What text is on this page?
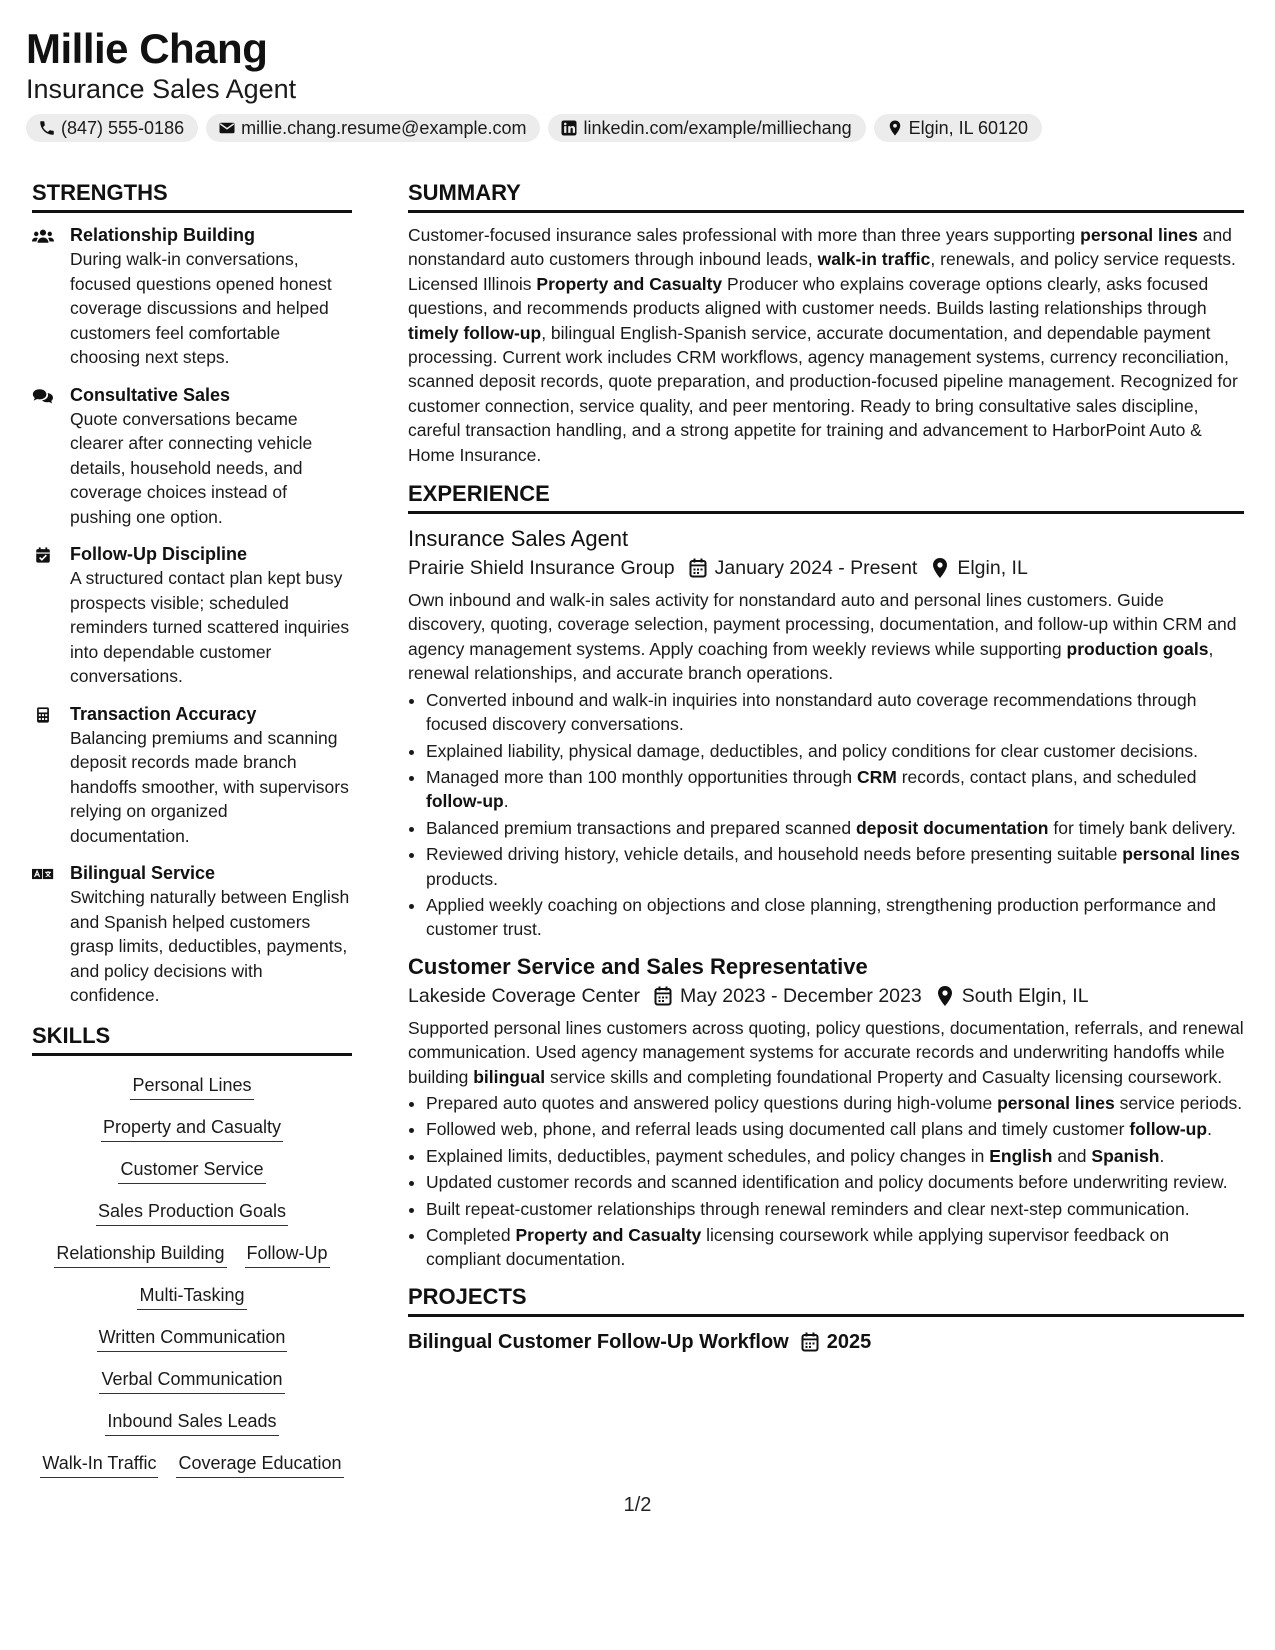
Millie Chang
Insurance Sales Agent
(847) 555-0186	millie.chang.resume@example.com	linkedin.com/example/milliechang	Elgin, IL 60120
STRENGTHS
Relationship Building
During walk-in conversations, focused questions opened honest coverage discussions and helped customers feel comfortable choosing next steps.
Consultative Sales
Quote conversations became clearer after connecting vehicle details, household needs, and coverage choices instead of pushing one option.
Follow-Up Discipline
A structured contact plan kept busy prospects visible; scheduled reminders turned scattered inquiries into dependable customer conversations.
Transaction Accuracy
Balancing premiums and scanning deposit records made branch handoffs smoother, with supervisors relying on organized documentation.
Bilingual Service
Switching naturally between English and Spanish helped customers grasp limits, deductibles, payments, and policy decisions with confidence.
SKILLS
Personal Lines
Property and Casualty
Customer Service
Sales Production Goals
Relationship Building Follow-Up
Multi-Tasking
Written Communication
Verbal Communication
Inbound Sales Leads
Walk-In Traffic Coverage Education
SUMMARY
Customer-focused insurance sales professional with more than three years supporting personal lines and nonstandard auto customers through inbound leads, walk-in traffic, renewals, and policy service requests. Licensed Illinois Property and Casualty Producer who explains coverage options clearly, asks focused questions, and recommends products aligned with customer needs. Builds lasting relationships through timely follow-up, bilingual English-Spanish service, accurate documentation, and dependable payment processing. Current work includes CRM workflows, agency management systems, currency reconciliation, scanned deposit records, quote preparation, and production-focused pipeline management. Recognized for customer connection, service quality, and peer mentoring. Ready to bring consultative sales discipline, careful transaction handling, and a strong appetite for training and advancement to HarborPoint Auto & Home Insurance.
EXPERIENCE
Insurance Sales Agent
Prairie Shield Insurance Group January 2024 - Present Elgin, IL
Own inbound and walk-in sales activity for nonstandard auto and personal lines customers. Guide discovery, quoting, coverage selection, payment processing, documentation, and follow-up within CRM and agency management systems. Apply coaching from weekly reviews while supporting production goals, renewal relationships, and accurate branch operations.
• Converted inbound and walk-in inquiries into nonstandard auto coverage recommendations through focused discovery conversations.
• Explained liability, physical damage, deductibles, and policy conditions for clear customer decisions.
• Managed more than 100 monthly opportunities through CRM records, contact plans, and scheduled follow-up.
• Balanced premium transactions and prepared scanned deposit documentation for timely bank delivery.
• Reviewed driving history, vehicle details, and household needs before presenting suitable personal lines products.
• Applied weekly coaching on objections and close planning, strengthening production performance and customer trust.
Customer Service and Sales Representative
Lakeside Coverage Center May 2023 - December 2023 South Elgin, IL
Supported personal lines customers across quoting, policy questions, documentation, referrals, and renewal communication. Used agency management systems for accurate records and underwriting handoffs while building bilingual service skills and completing foundational Property and Casualty licensing coursework.
• Prepared auto quotes and answered policy questions during high-volume personal lines service periods.
• Followed web, phone, and referral leads using documented call plans and timely customer follow-up.
• Explained limits, deductibles, payment schedules, and policy changes in English and Spanish.
• Updated customer records and scanned identification and policy documents before underwriting review.
• Built repeat-customer relationships through renewal reminders and clear next-step communication.
• Completed Property and Casualty licensing coursework while applying supervisor feedback on compliant documentation.
PROJECTS
Bilingual Customer Follow-Up Workflow 2025
1/2
